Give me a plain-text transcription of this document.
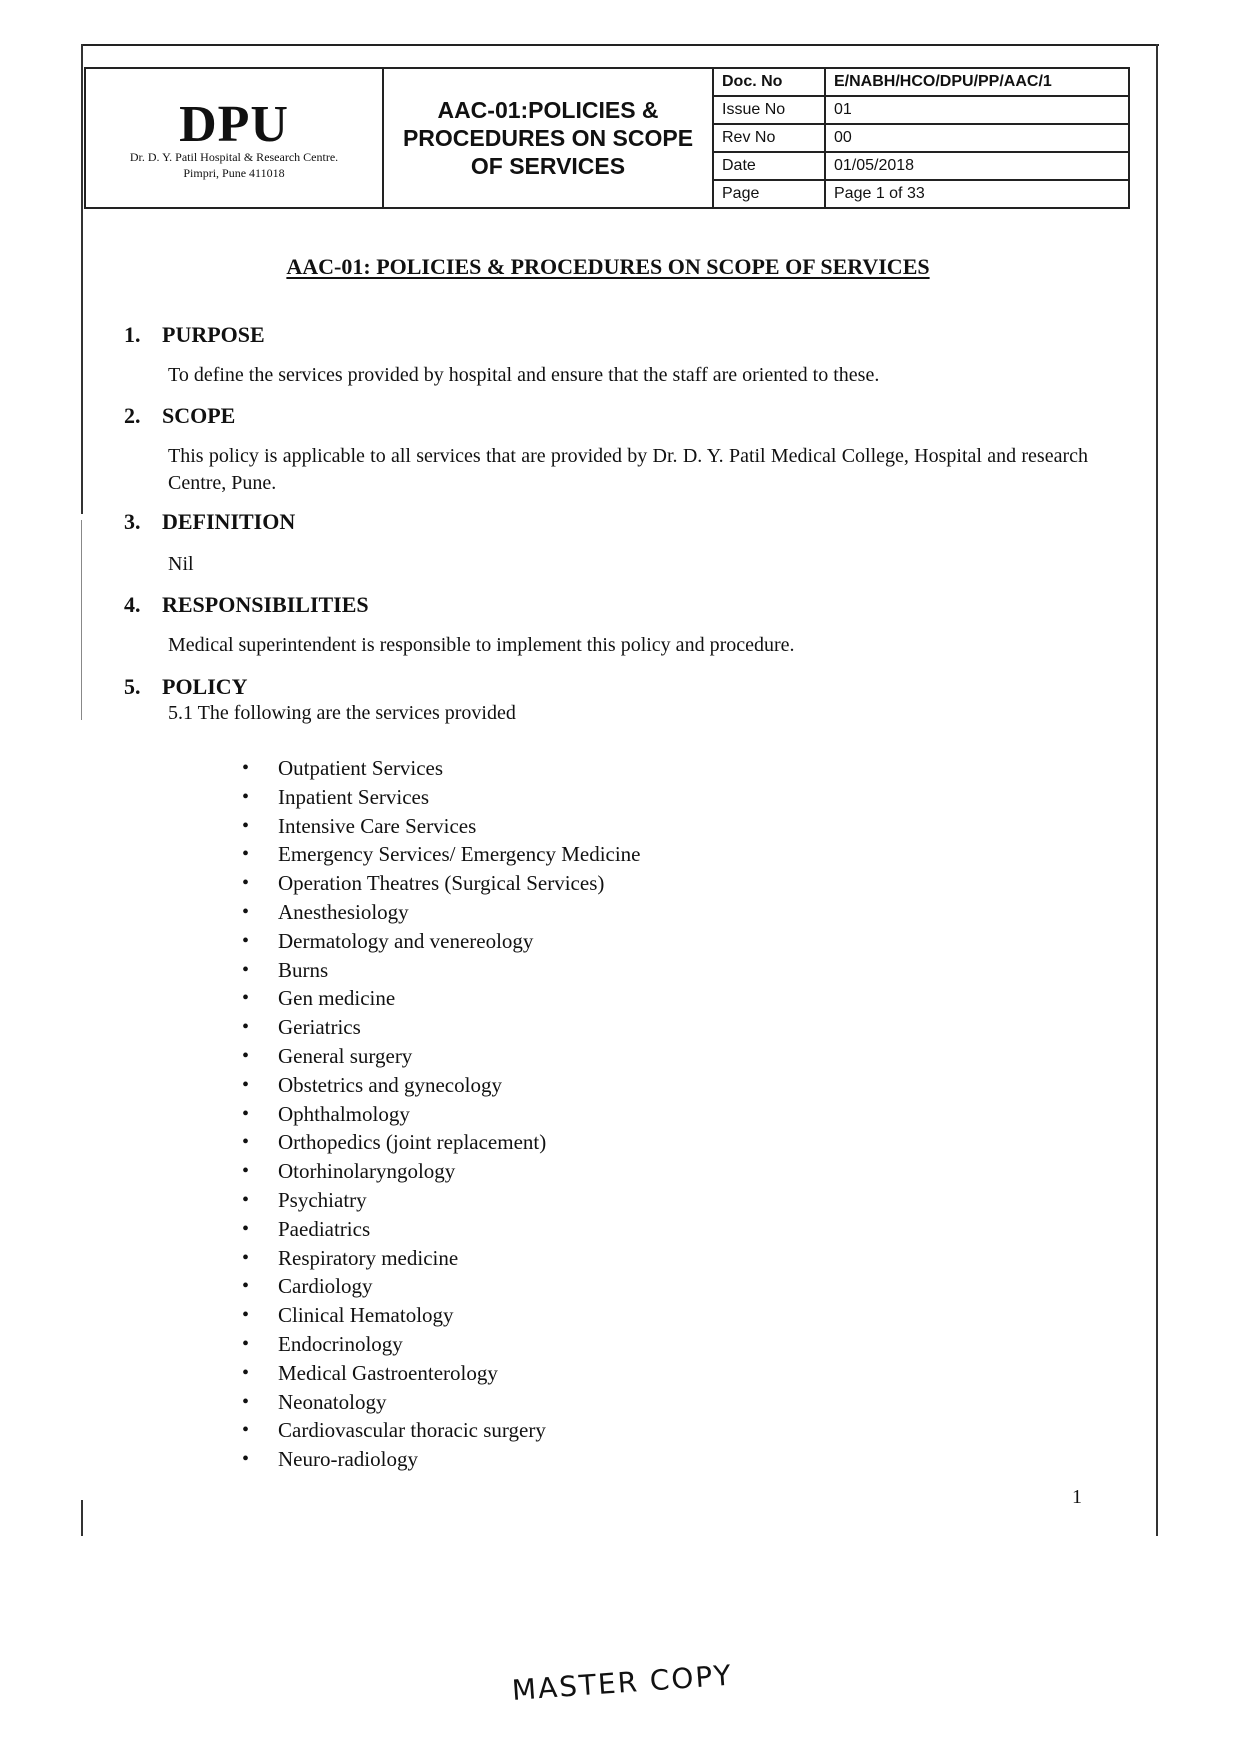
DPU
Dr. D. Y. Patil Hospital & Research Centre.
Pimpri, Pune 411018
	AAC-01:POLICIES & PROCEDURES ON SCOPE OF SERVICES	
Doc. No	E/NABH/HCO/DPU/PP/AAC/1
Issue No	01
Rev No	00
Date	01/05/2018
Page	Page 1 of 33
AAC-01: POLICIES & PROCEDURES ON SCOPE OF SERVICES
1. PURPOSE
To define the services provided by hospital and ensure that the staff are oriented to these.
2. SCOPE
This policy is applicable to all services that are provided by Dr. D. Y. Patil Medical College, Hospital and research Centre, Pune.
3. DEFINITION
Nil
4. RESPONSIBILITIES
Medical superintendent is responsible to implement this policy and procedure.
5. POLICY
5.1 The following are the services provided
• Outpatient Services
• Inpatient Services
• Intensive Care Services
• Emergency Services/ Emergency Medicine
• Operation Theatres (Surgical Services)
• Anesthesiology
• Dermatology and venereology
• Burns
• Gen medicine
• Geriatrics
• General surgery
• Obstetrics and gynecology
• Ophthalmology
• Orthopedics (joint replacement)
• Otorhinolaryngology
• Psychiatry
• Paediatrics
• Respiratory medicine
• Cardiology
• Clinical Hematology
• Endocrinology
• Medical Gastroenterology
• Neonatology
• Cardiovascular thoracic surgery
• Neuro-radiology
1
MASTER COPY
